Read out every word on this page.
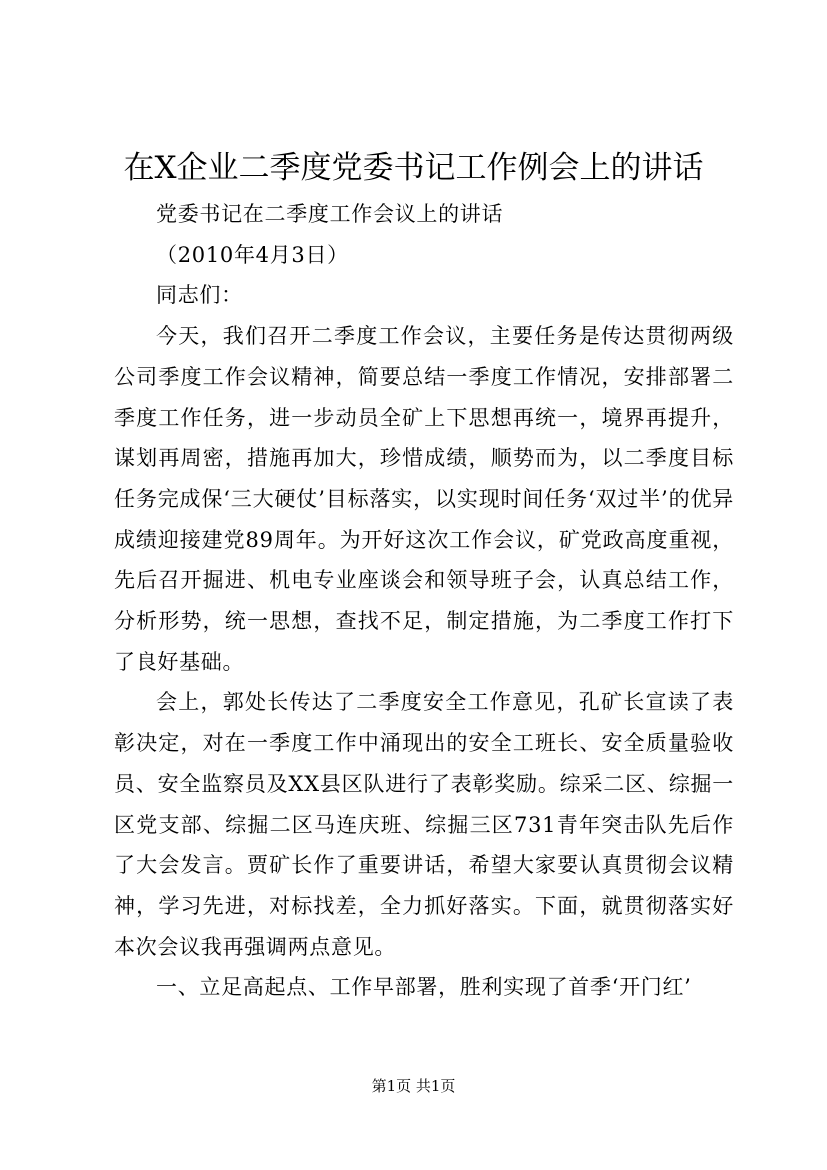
在X企业二季度党委书记工作例会上的讲话

党委书记在二季度工作会议上的讲话

（2010年4月3日）

同志们：

今天，我们召开二季度工作会议，主要任务是传达贯彻两级公司季度工作会议精神，简要总结一季度工作情况，安排部署二季度工作任务，进一步动员全矿上下思想再统一，境界再提升，谋划再周密，措施再加大，珍惜成绩，顺势而为，以二季度目标任务完成保‘三大硬仗’目标落实，以实现时间任务‘双过半’的优异成绩迎接建党89周年。为开好这次工作会议，矿党政高度重视，先后召开掘进、机电专业座谈会和领导班子会，认真总结工作，分析形势，统一思想，查找不足，制定措施，为二季度工作打下了良好基础。

会上，郭处长传达了二季度安全工作意见，孔矿长宣读了表彰决定，对在一季度工作中涌现出的安全工班长、安全质量验收员、安全监察员及XX县区队进行了表彰奖励。综采二区、综掘一区党支部、综掘二区马连庆班、综掘三区731青年突击队先后作了大会发言。贾矿长作了重要讲话，希望大家要认真贯彻会议精神，学习先进，对标找差，全力抓好落实。下面，就贯彻落实好本次会议我再强调两点意见。

一、立足高起点、工作早部署，胜利实现了首季‘开门红’

第1页 共1页
